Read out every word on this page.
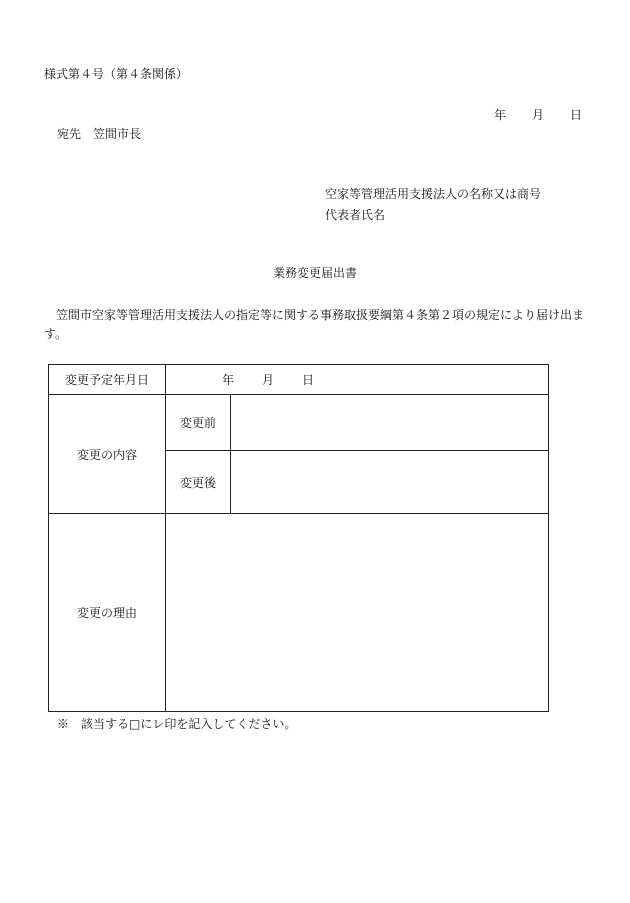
様式第４号（第４条関係）
年 月 日
宛先　笠間市長
空家等管理活用支援法人の名称又は商号
代表者氏名
業務変更届出書
笠間市空家等管理活用支援法人の指定等に関する事務取扱要綱第４条第２項の規定により届け出ます。
変更予定年月日	年 月 日	
変更の内容	変更前	
	変更後	
変更の理由		
※　該当する□にレ印を記入してください。
